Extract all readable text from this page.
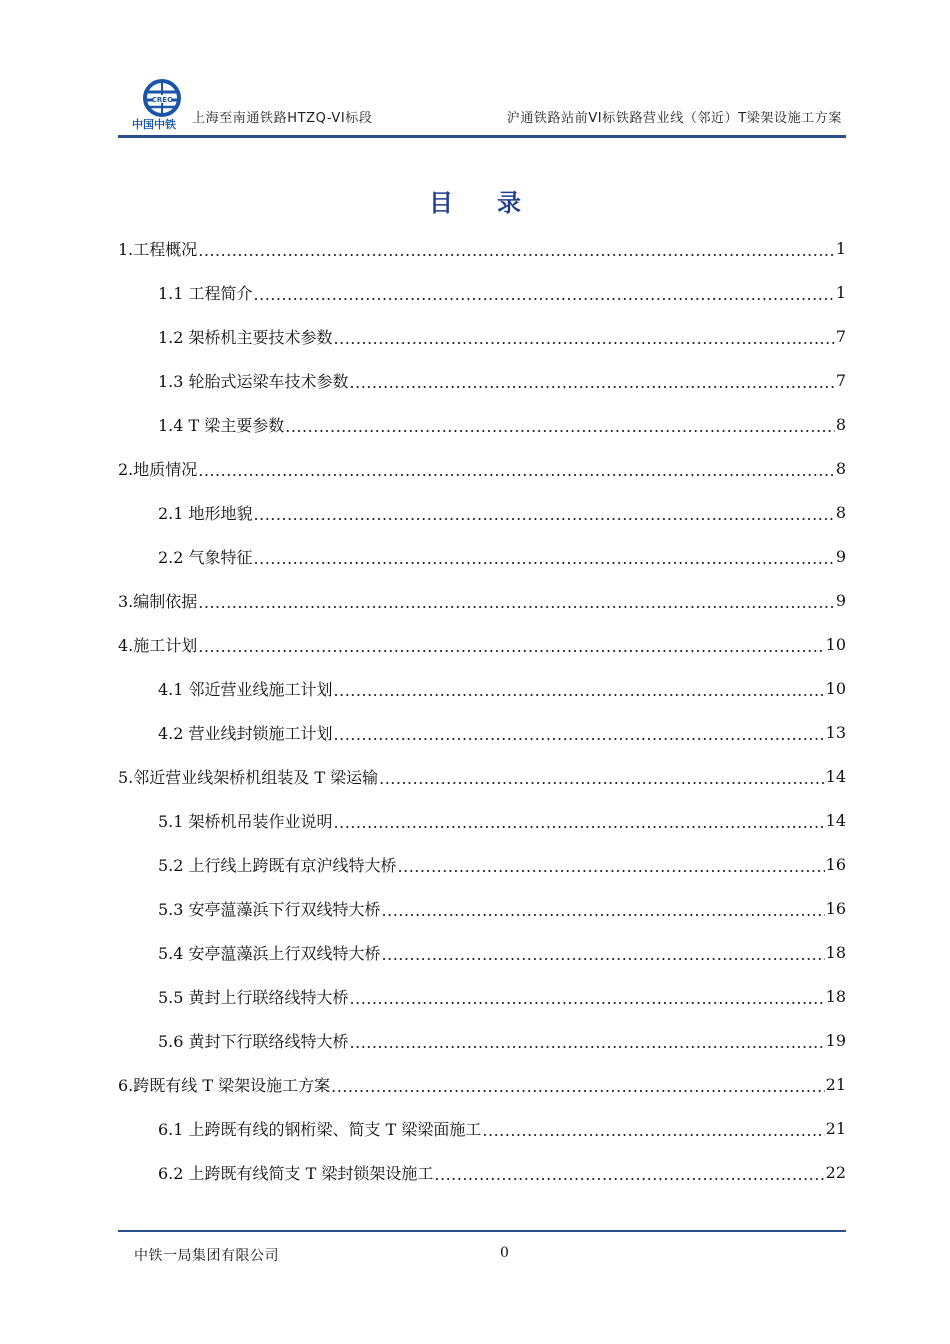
CREC
中国中铁 上海至南通铁路HTZQ-VI标段	沪通铁路站前VI标铁路营业线（邻近）T梁架设施工方案
目录
1.工程概况 .....	1
1.1 工程简介 .....	1
1.2 架桥机主要技术参数 .....	7
1.3 轮胎式运梁车技术参数 .....	7
1.4 T 梁主要参数 .....	8
2.地质情况 .....	8
2.1 地形地貌 .....	8
2.2 气象特征 .....	9
3.编制依据 .....	9
4.施工计划 .....	10
4.1 邻近营业线施工计划 .....	10
4.2 营业线封锁施工计划 .....	13
5.邻近营业线架桥机组装及 T 梁运输 .....	14
5.1 架桥机吊装作业说明 .....	14
5.2 上行线上跨既有京沪线特大桥 .....	16
5.3 安亭蕰藻浜下行双线特大桥 .....	16
5.4 安亭蕰藻浜上行双线特大桥 .....	18
5.5 黄封上行联络线特大桥 .....	18
5.6 黄封下行联络线特大桥 .....	19
6.跨既有线 T 梁架设施工方案 .....	21
6.1 上跨既有线的钢桁梁、简支 T 梁梁面施工 .....	21
6.2 上跨既有线简支 T 梁封锁架设施工 .....	22
中铁一局集团有限公司	0
